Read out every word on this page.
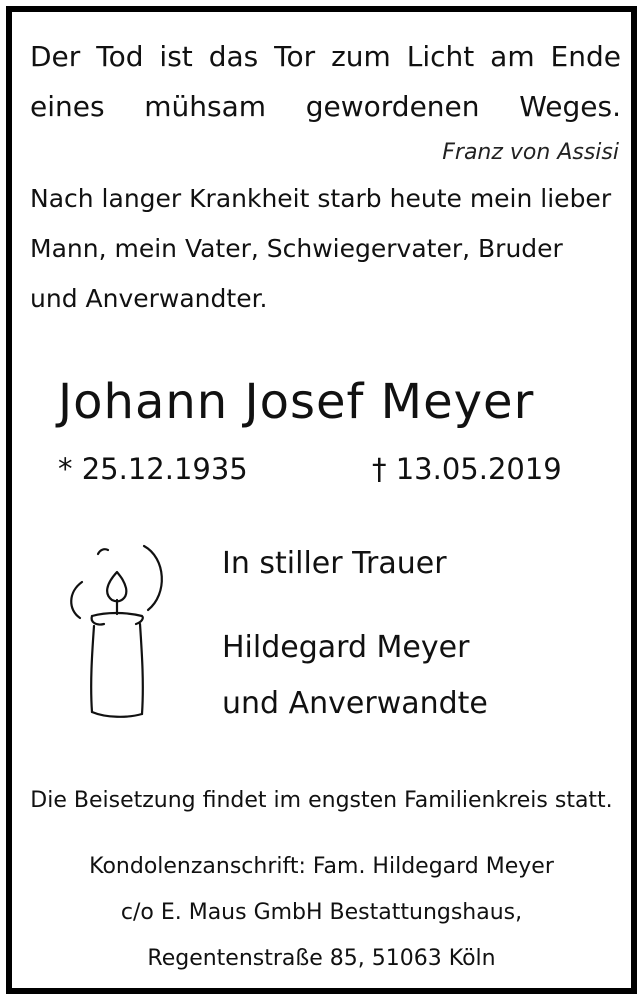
Der Tod ist das Tor zum Licht am Ende

eines mühsam gewordenen Weges.

Franz von Assisi

Nach langer Krankheit starb heute mein lieber

Mann, mein Vater, Schwiegervater, Bruder

und Anverwandter.

Johann Josef Meyer

* 25.12.1935	† 13.05.2019

In stiller Trauer

Hildegard Meyer

und Anverwandte

Die Beisetzung findet im engsten Familienkreis statt.

Kondolenzanschrift: Fam. Hildegard Meyer

c/o E. Maus GmbH Bestattungshaus,

Regentenstraße 85, 51063 Köln
